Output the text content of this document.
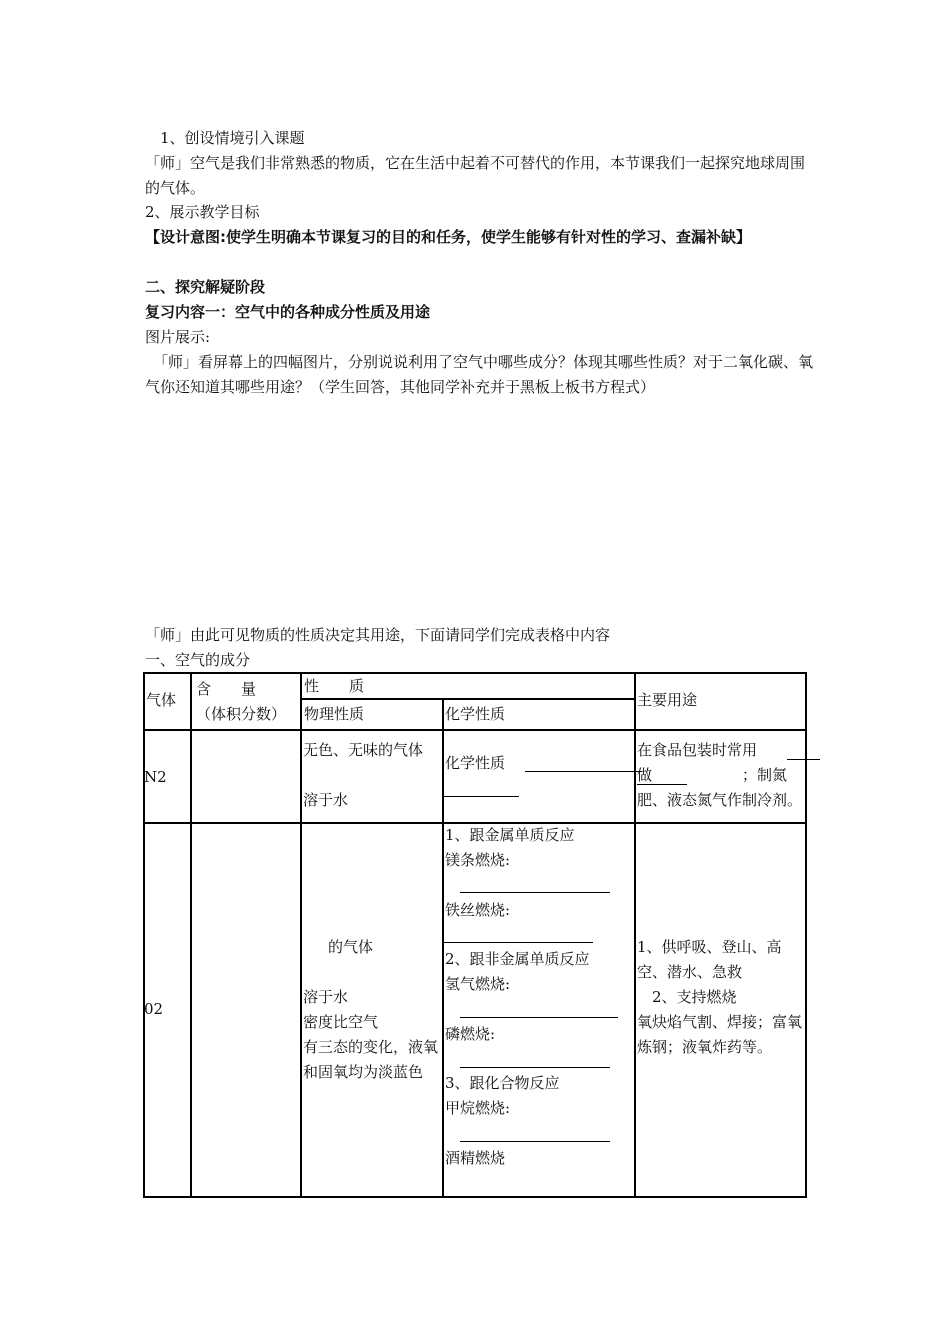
1、创设情境引入课题
「师」空气是我们非常熟悉的物质，它在生活中起着不可替代的作用，本节课我们一起探究地球周围的气体。
2、展示教学目标
【设计意图:使学生明确本节课复习的目的和任务，使学生能够有针对性的学习、查漏补缺】
二、探究解疑阶段
复习内容一：空气中的各种成分性质及用途
图片展示:
「师」看屏幕上的四幅图片，分别说说利用了空气中哪些成分？体现其哪些性质？对于二氧化碳、氧气你还知道其哪些用途？（学生回答，其他同学补充并于黑板上板书方程式）
「师」由此可见物质的性质决定其用途，下面请同学们完成表格中内容
一、空气的成分
气体
含　　量
（体积分数）
性　　质
物理性质	化学性质
主要用途
N2
无色、无味的气体
溶于水
化学性质
在食品包装时常用做　　　　　　；制氮肥、液态氮气作制冷剂。
02
的气体
溶于水
密度比空气
有三态的变化，液氧和固氧均为淡蓝色
1、跟金属单质反应
镁条燃烧:
铁丝燃烧:
2、跟非金属单质反应
氢气燃烧:
磷燃烧:
3、跟化合物反应
甲烷燃烧:
酒精燃烧
1、供呼吸、登山、高空、潜水、急救
2、支持燃烧
氧炔焰气割、焊接；富氧炼钢；液氧炸药等。
